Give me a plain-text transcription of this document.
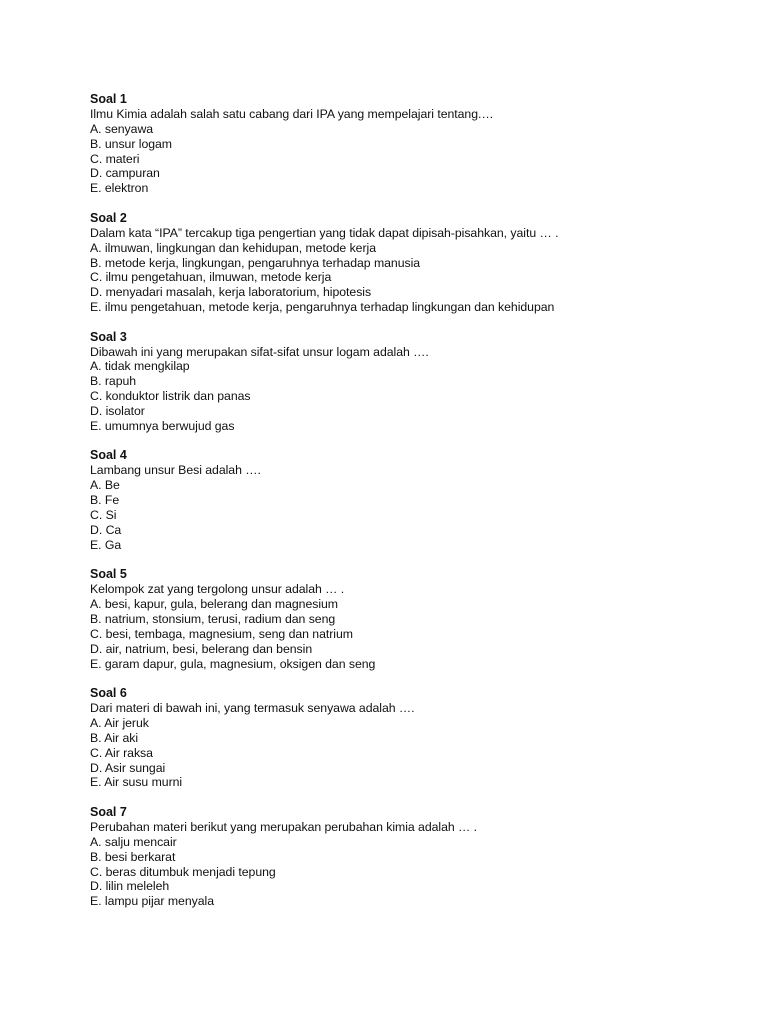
Soal 1
Ilmu Kimia adalah salah satu cabang dari IPA yang mempelajari tentang.…
A. senyawa
B. unsur logam
C. materi
D. campuran
E. elektron
Soal 2
Dalam kata “IPA” tercakup tiga pengertian yang tidak dapat dipisah-pisahkan, yaitu … .
A. ilmuwan, lingkungan dan kehidupan, metode kerja
B. metode kerja, lingkungan, pengaruhnya terhadap manusia
C. ilmu pengetahuan, ilmuwan, metode kerja
D. menyadari masalah, kerja laboratorium, hipotesis
E. ilmu pengetahuan, metode kerja, pengaruhnya terhadap lingkungan dan kehidupan
Soal 3
Dibawah ini yang merupakan sifat-sifat unsur logam adalah ….
A. tidak mengkilap
B. rapuh
C. konduktor listrik dan panas
D. isolator
E. umumnya berwujud gas
Soal 4
Lambang unsur Besi adalah ….
A. Be
B. Fe
C. Si
D. Ca
E. Ga
Soal 5
Kelompok zat yang tergolong unsur adalah … .
A. besi, kapur, gula, belerang dan magnesium
B. natrium, stonsium, terusi, radium dan seng
C. besi, tembaga, magnesium, seng dan natrium
D. air, natrium, besi, belerang dan bensin
E. garam dapur, gula, magnesium, oksigen dan seng
Soal 6
Dari materi di bawah ini, yang termasuk senyawa adalah ….
A. Air jeruk
B. Air aki
C. Air raksa
D. Asir sungai
E. Air susu murni
Soal 7
Perubahan materi berikut yang merupakan perubahan kimia adalah … .
A. salju mencair
B. besi berkarat
C. beras ditumbuk menjadi tepung
D. lilin meleleh
E. lampu pijar menyala
